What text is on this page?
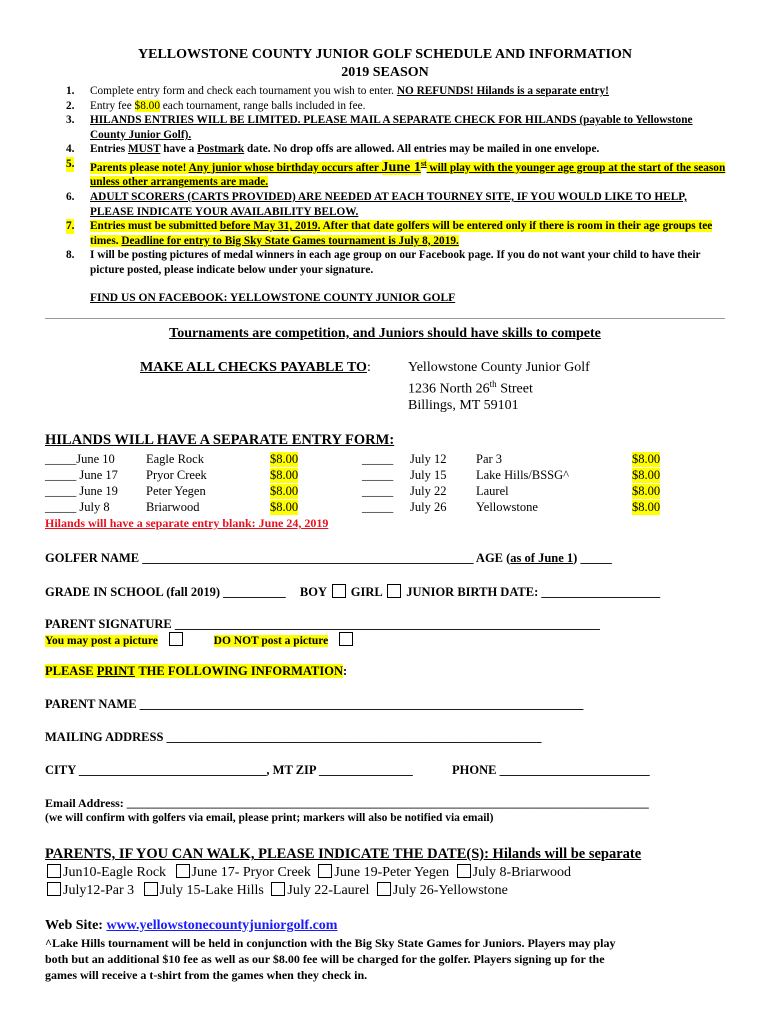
YELLOWSTONE COUNTY JUNIOR GOLF SCHEDULE AND INFORMATION
2019 SEASON
1. Complete entry form and check each tournament you wish to enter. NO REFUNDS! Hilands is a separate entry!
2. Entry fee $8.00 each tournament, range balls included in fee.
3. HILANDS ENTRIES WILL BE LIMITED. PLEASE MAIL A SEPARATE CHECK FOR HILANDS (payable to Yellowstone County Junior Golf).
4. Entries MUST have a Postmark date. No drop offs are allowed. All entries may be mailed in one envelope.
5. Parents please note! Any junior whose birthday occurs after June 1st will play with the younger age group at the start of the season unless other arrangements are made.
6. ADULT SCORERS (CARTS PROVIDED) ARE NEEDED AT EACH TOURNEY SITE, IF YOU WOULD LIKE TO HELP, PLEASE INDICATE YOUR AVAILABILITY BELOW.
7. Entries must be submitted before May 31, 2019. After that date golfers will be entered only if there is room in their age groups tee times. Deadline for entry to Big Sky State Games tournament is July 8, 2019.
8. I will be posting pictures of medal winners in each age group on our Facebook page. If you do not want your child to have their picture posted, please indicate below under your signature.
FIND US ON FACEBOOK: YELLOWSTONE COUNTY JUNIOR GOLF
Tournaments are competition, and Juniors should have skills to compete
MAKE ALL CHECKS PAYABLE TO:	Yellowstone County Junior Golf
1236 North 26th Street
Billings, MT 59101
HILANDS WILL HAVE A SEPARATE ENTRY FORM:
_____June 10 Eagle Rock	$8.00
_____ June 17 Pryor Creek	$8.00
_____ June 19 Peter Yegen	$8.00
_____ July 8	Briarwood	$8.00
_____ July 12 Par 3	$8.00
_____ July 15 Lake Hills/BSSG^	$8.00
_____ July 22 Laurel	$8.00
_____ July 26 Yellowstone	$8.00
Hilands will have a separate entry blank: June 24, 2019
GOLFER NAME _____________________________________________________ AGE (as of June 1) _____
GRADE IN SCHOOL (fall 2019) __________ BOY GIRL JUNIOR BIRTH DATE: ___________________
PARENT SIGNATURE ____________________________________________________________________
You may post a picture	DO NOT post a picture
PLEASE PRINT THE FOLLOWING INFORMATION:
PARENT NAME _______________________________________________________________________
MAILING ADDRESS ____________________________________________________________
CITY ______________________________, MT ZIP _______________	PHONE ________________________
Email Address: _______________________________________________________________________________________
(we will confirm with golfers via email, please print; markers will also be notified via email)
PARENTS, IF YOU CAN WALK, PLEASE INDICATE THE DATE(S): Hilands will be separate
Jun10-Eagle Rock June 17- Pryor Creek June 19-Peter Yegen July 8-Briarwood
July12-Par 3 July 15-Lake Hills July 22-Laurel July 26-Yellowstone
Web Site: www.yellowstonecountyjuniorgolf.com
^Lake Hills tournament will be held in conjunction with the Big Sky State Games for Juniors. Players may play
both but an additional $10 fee as well as our $8.00 fee will be charged for the golfer. Players signing up for the
games will receive a t-shirt from the games when they check in.
